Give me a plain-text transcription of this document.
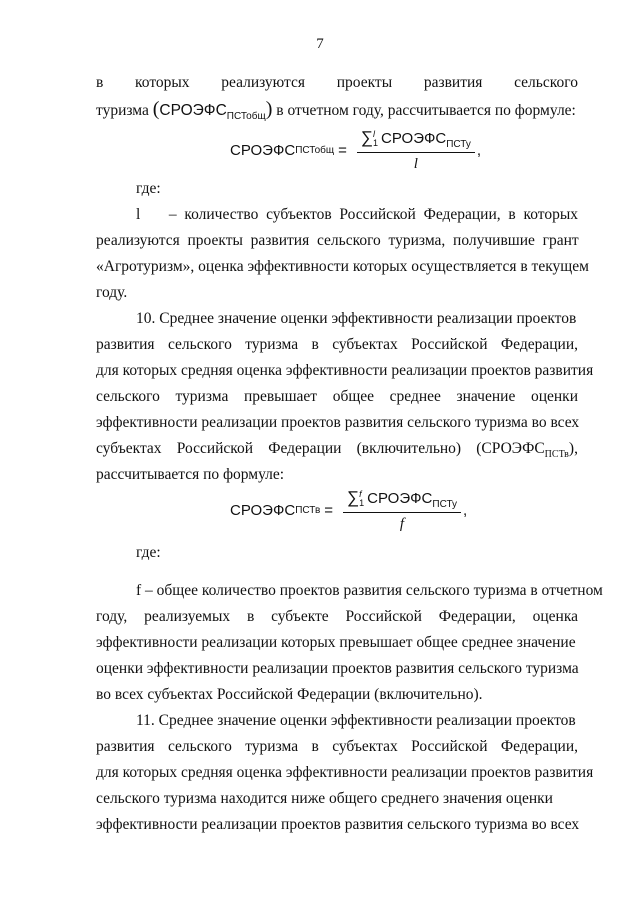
7
в которых реализуются проекты развития сельского
туризма $(СРОЭФС_{ПСТобщ})$ в отчетном году, рассчитывается по формуле:
СРОЭФС ПСТобщ = ∑ l
1 $СРОЭФС_{ПСТу}$
l ,
где:
l –  количество  субъектов  Российской  Федерации,  в  которых
реализуются  проекты  развития  сельского  туризма,  получившие  грант
«Агротуризм», оценка эффективности которых осуществляется в текущем
году.
10. Среднее значение оценки эффективности реализации проектов
развития сельского туризма в субъектах Российской Федерации,
для которых средняя оценка эффективности реализации проектов развития
сельского туризма превышает общее среднее значение оценки
эффективности реализации проектов развития сельского туризма во всех
субъектах Российской Федерации (включительно) $(СРОЭФС_{ПСТв})$,
рассчитывается по формуле:
СРОЭФС ПСТв = ∑ f
1 $СРОЭФС_{ПСТу}$
f ,
где:
f – общее количество проектов развития сельского туризма в отчетном
году, реализуемых в субъекте Российской Федерации, оценка
эффективности реализации которых превышает общее среднее значение
оценки эффективности реализации проектов развития сельского туризма
во всех субъектах Российской Федерации (включительно).
11. Среднее значение оценки эффективности реализации проектов
развития сельского туризма в субъектах Российской Федерации,
для которых средняя оценка эффективности реализации проектов развития
сельского туризма находится ниже общего среднего значения оценки
эффективности реализации проектов развития сельского туризма во всех
